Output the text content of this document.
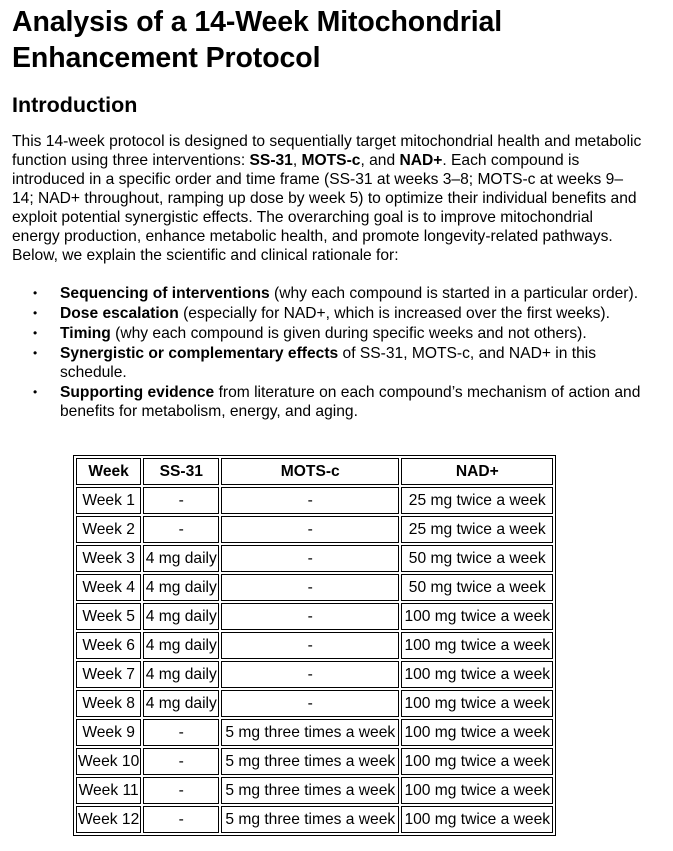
Analysis of a 14-Week Mitochondrial Enhancement Protocol
Introduction

This 14-week protocol is designed to sequentially target mitochondrial health and metabolic function using three interventions: SS-31, MOTS-c, and NAD+. Each compound is introduced in a specific order and time frame (SS-31 at weeks 3–8; MOTS-c at weeks 9–14; NAD+ throughout, ramping up dose by week 5) to optimize their individual benefits and exploit potential synergistic effects. The overarching goal is to improve mitochondrial energy production, enhance metabolic health, and promote longevity-related pathways. Below, we explain the scientific and clinical rationale for:

• Sequencing of interventions (why each compound is started in a particular order).
• Dose escalation (especially for NAD+, which is increased over the first weeks).
• Timing (why each compound is given during specific weeks and not others).
• Synergistic or complementary effects of SS-31, MOTS-c, and NAD+ in this schedule.
• Supporting evidence from literature on each compound’s mechanism of action and benefits for metabolism, energy, and aging.
Week	SS-31	MOTS-c	NAD+
Week 1	-	-	25 mg twice a week
Week 2	-	-	25 mg twice a week
Week 3	4 mg daily	-	50 mg twice a week
Week 4	4 mg daily	-	50 mg twice a week
Week 5	4 mg daily	-	100 mg twice a week
Week 6	4 mg daily	-	100 mg twice a week
Week 7	4 mg daily	-	100 mg twice a week
Week 8	4 mg daily	-	100 mg twice a week
Week 9	-	5 mg three times a week	100 mg twice a week
Week 10	-	5 mg three times a week	100 mg twice a week
Week 11	-	5 mg three times a week	100 mg twice a week
Week 12	-	5 mg three times a week	100 mg twice a week
